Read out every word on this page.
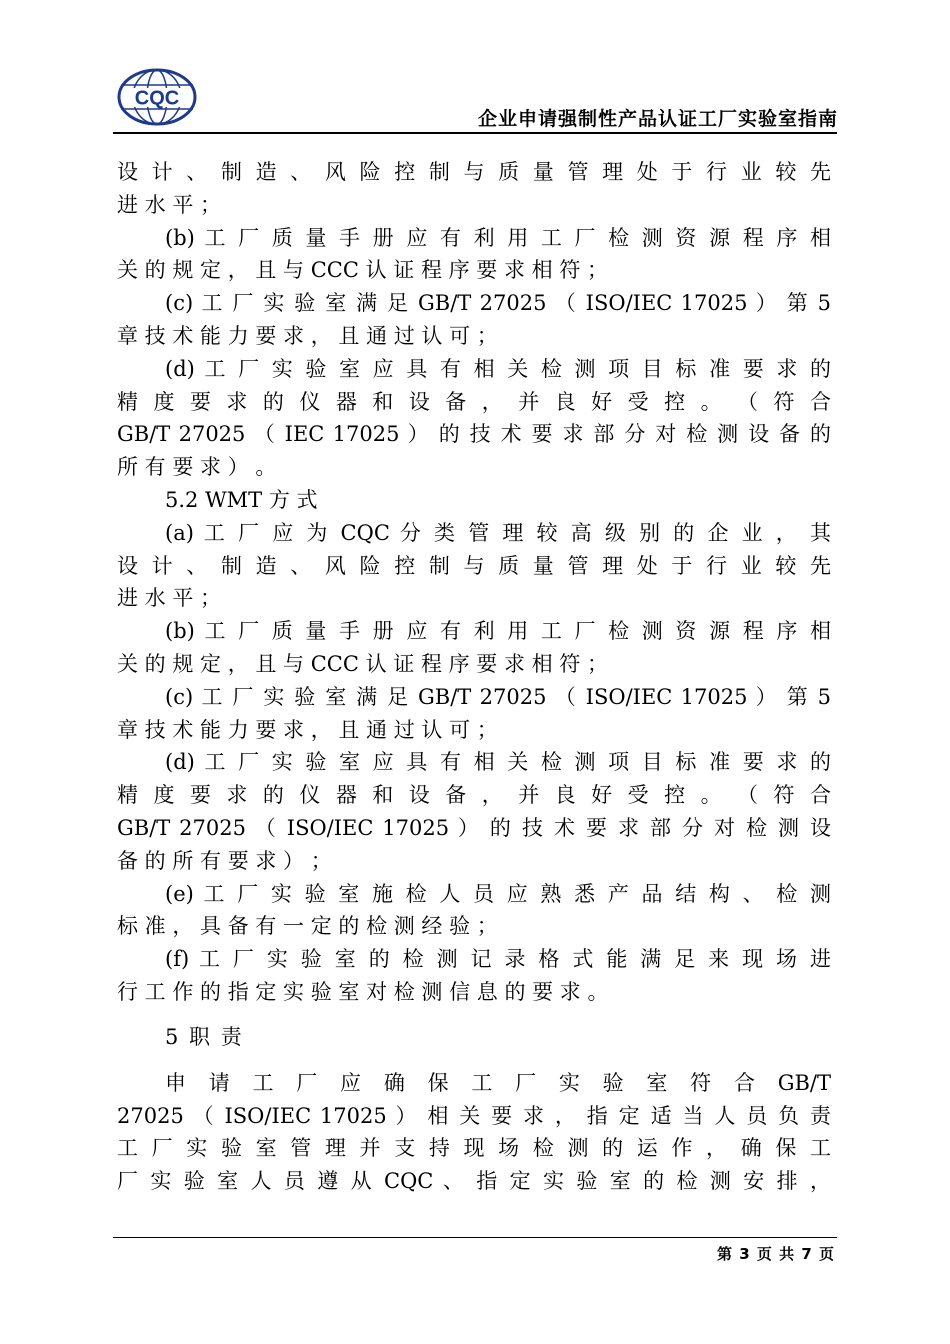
CQC
企业申请强制性产品认证工厂实验室指南
设 计 、 制 造 、 风 险 控 制 与 质 量 管 理 处 于 行 业 较 先
进 水 平 ；
(b) 工 厂 质 量 手 册 应 有 利 用 工 厂 检 测 资 源 程 序 相
关 的 规 定 ， 且 与 CCC 认 证 程 序 要 求 相 符 ；
(c) 工 厂 实 验 室 满 足 GB/T 27025 （ ISO/IEC 17025 ） 第 5
章 技 术 能 力 要 求 ， 且 通 过 认 可 ；
(d) 工 厂 实 验 室 应 具 有 相 关 检 测 项 目 标 准 要 求 的
精 度 要 求 的 仪 器 和 设 备 ， 并 良 好 受 控 。 （ 符 合
GB/T 27025 （ IEC 17025 ） 的 技 术 要 求 部 分 对 检 测 设 备 的
所 有 要 求 ） 。
5.2 WMT 方 式
(a) 工 厂 应 为 CQC 分 类 管 理 较 高 级 别 的 企 业 ， 其
设 计 、 制 造 、 风 险 控 制 与 质 量 管 理 处 于 行 业 较 先
进 水 平 ；
(b) 工 厂 质 量 手 册 应 有 利 用 工 厂 检 测 资 源 程 序 相
关 的 规 定 ， 且 与 CCC 认 证 程 序 要 求 相 符 ；
(c) 工 厂 实 验 室 满 足 GB/T 27025 （ ISO/IEC 17025 ） 第 5
章 技 术 能 力 要 求 ， 且 通 过 认 可 ；
(d) 工 厂 实 验 室 应 具 有 相 关 检 测 项 目 标 准 要 求 的
精 度 要 求 的 仪 器 和 设 备 ， 并 良 好 受 控 。 （ 符 合
GB/T 27025 （ ISO/IEC 17025 ） 的 技 术 要 求 部 分 对 检 测 设
备 的 所 有 要 求 ） ；
(e) 工 厂 实 验 室 施 检 人 员 应 熟 悉 产 品 结 构 、 检 测
标 准 ， 具 备 有 一 定 的 检 测 经 验 ；
(f) 工 厂 实 验 室 的 检 测 记 录 格 式 能 满 足 来 现 场 进
行 工 作 的 指 定 实 验 室 对 检 测 信 息 的 要 求 。
5 职 责
申 请 工 厂 应 确 保 工 厂 实 验 室 符 合 GB/T
27025 （ ISO/IEC 17025 ） 相 关 要 求 ， 指 定 适 当 人 员 负 责
工 厂 实 验 室 管 理 并 支 持 现 场 检 测 的 运 作 ， 确 保 工
厂 实 验 室 人 员 遵 从 CQC 、 指 定 实 验 室 的 检 测 安 排 ，
第 3 页 共 7 页
